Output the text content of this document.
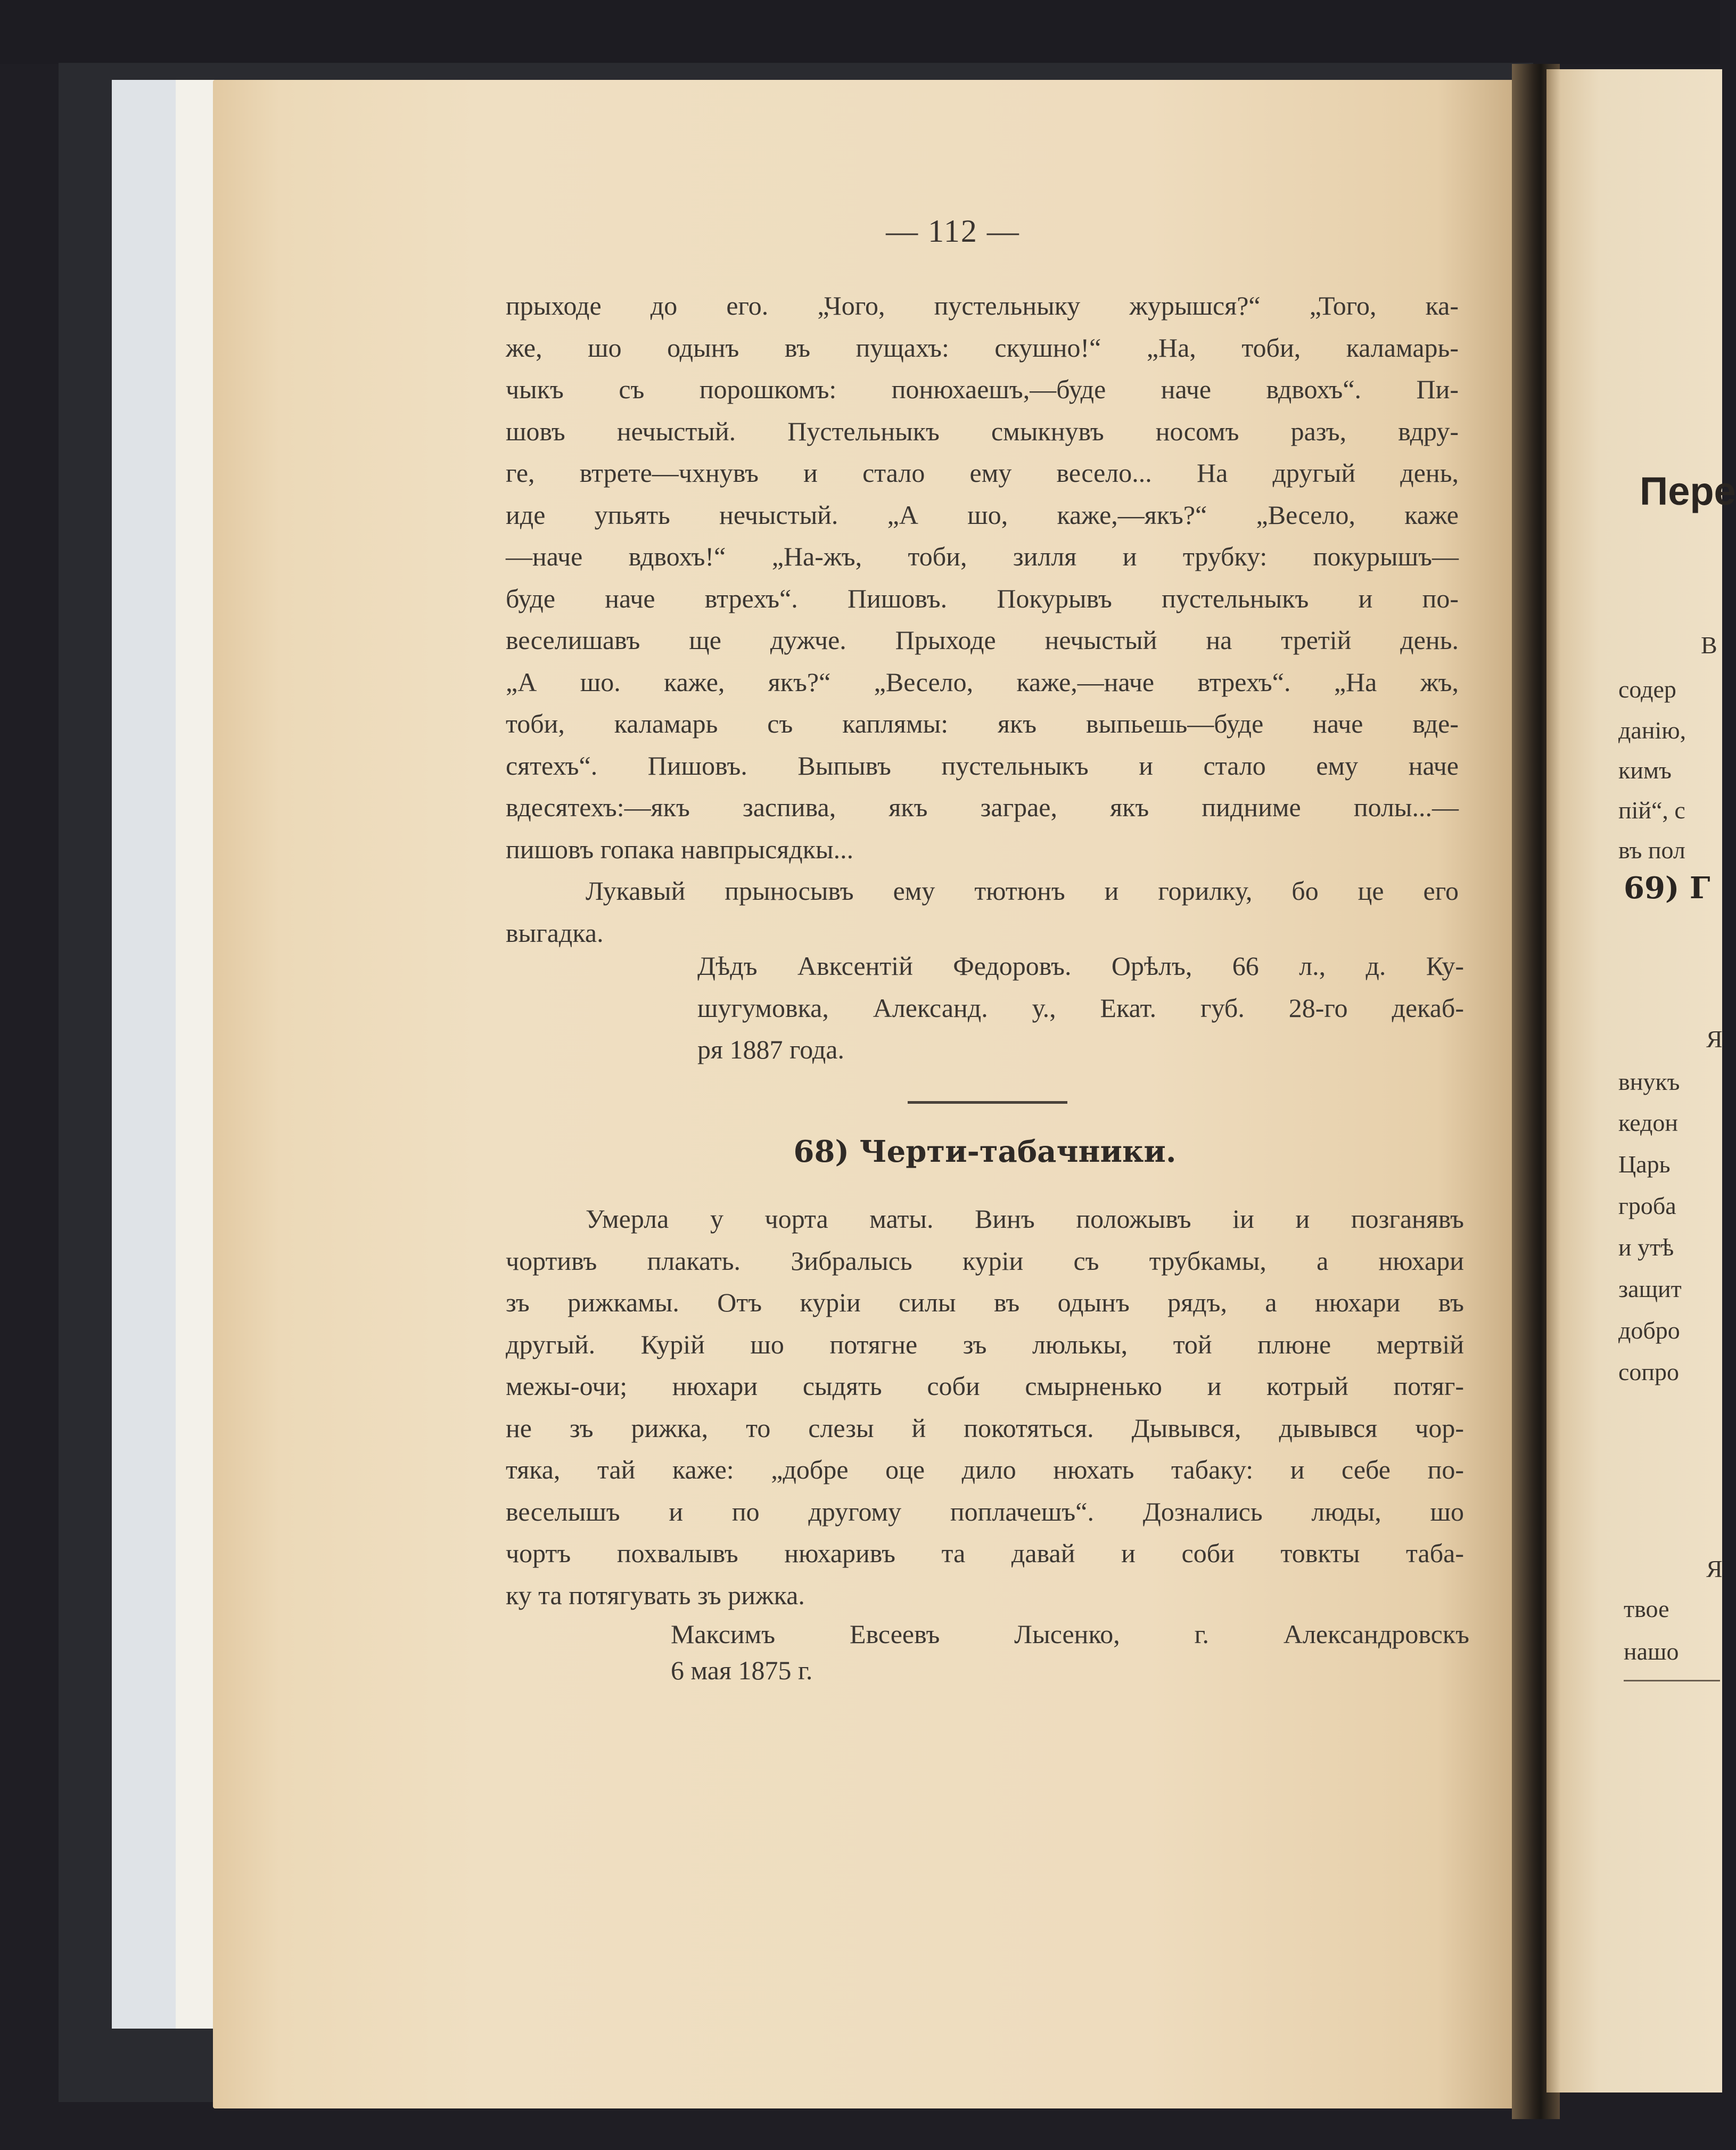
— 112 —
прыходе до его. „Чого, пустельныку журышся?“ „Того, ка-
же, шо одынъ въ пущахъ: скушно!“ „На, тоби, каламарь-
чыкъ съ порошкомъ: понюхаешъ,—буде наче вдвохъ“. Пи-
шовъ нечыстый. Пустельныкъ смыкнувъ носомъ разъ, вдру-
ге, втрете—чхнувъ и стало ему весело... На другый день,
иде упьять нечыстый. „А шо, каже,—якъ?“ „Весело, каже
—наче вдвохъ!“ „На-жъ, тоби, зилля и трубку: покурышъ—
буде наче втрехъ“. Пишовъ. Покурывъ пустельныкъ и по-
веселишавъ ще дужче. Прыходе нечыстый на третій день.
„А шо. каже, якъ?“ „Весело, каже,—наче втрехъ“. „На жъ,
тоби, каламарь съ каплямы: якъ выпьешь—буде наче вде-
сятехъ“. Пишовъ. Выпывъ пустельныкъ и стало ему наче
вдесятехъ:—якъ заспива, якъ заграе, якъ пидниме полы...—
пишовъ гопака навпрысядкы...
Лукавый прыносывъ ему тютюнъ и горилку, бо це его
выгадка.
Дѣдъ Авксентій Федоровъ. Орѣлъ, 66 л., д. Ку-
шугумовка, Александ. у., Екат. губ. 28-го декаб-
ря 1887 года.
68) Черти-табачники.
Умерла у чорта маты. Винъ положывъ іи и позганявъ
чортивъ плакать. Зибралысь куріи съ трубкамы, а нюхари
зъ рижкамы. Отъ куріи силы въ одынъ рядъ, а нюхари въ
другый. Курій шо потягне зъ люлькы, той плюне мертвій
межы-очи; нюхари сыдять соби смырненько и котрый потяг-
не зъ рижка, то слезы й покотяться. Дывывся, дывывся чор-
тяка, тай каже: „добре оце дило нюхать табаку: и себе по-
веселышъ и по другому поплачешъ“. Дознались люды, шо
чортъ похвалывъ нюхаривъ та давай и соби товкты таба-
ку та потягувать зъ рижка.
Максимъ Евсеевъ Лысенко, г. Александровскъ
6 мая 1875 г.
Пере
В
содер
данію,
кимъ
пій“, с
въ пол
69) Г
Я
внукъ
кедон
Царь
гроба
и утѣ
защит
добро
сопро
Я
твое
нашо
